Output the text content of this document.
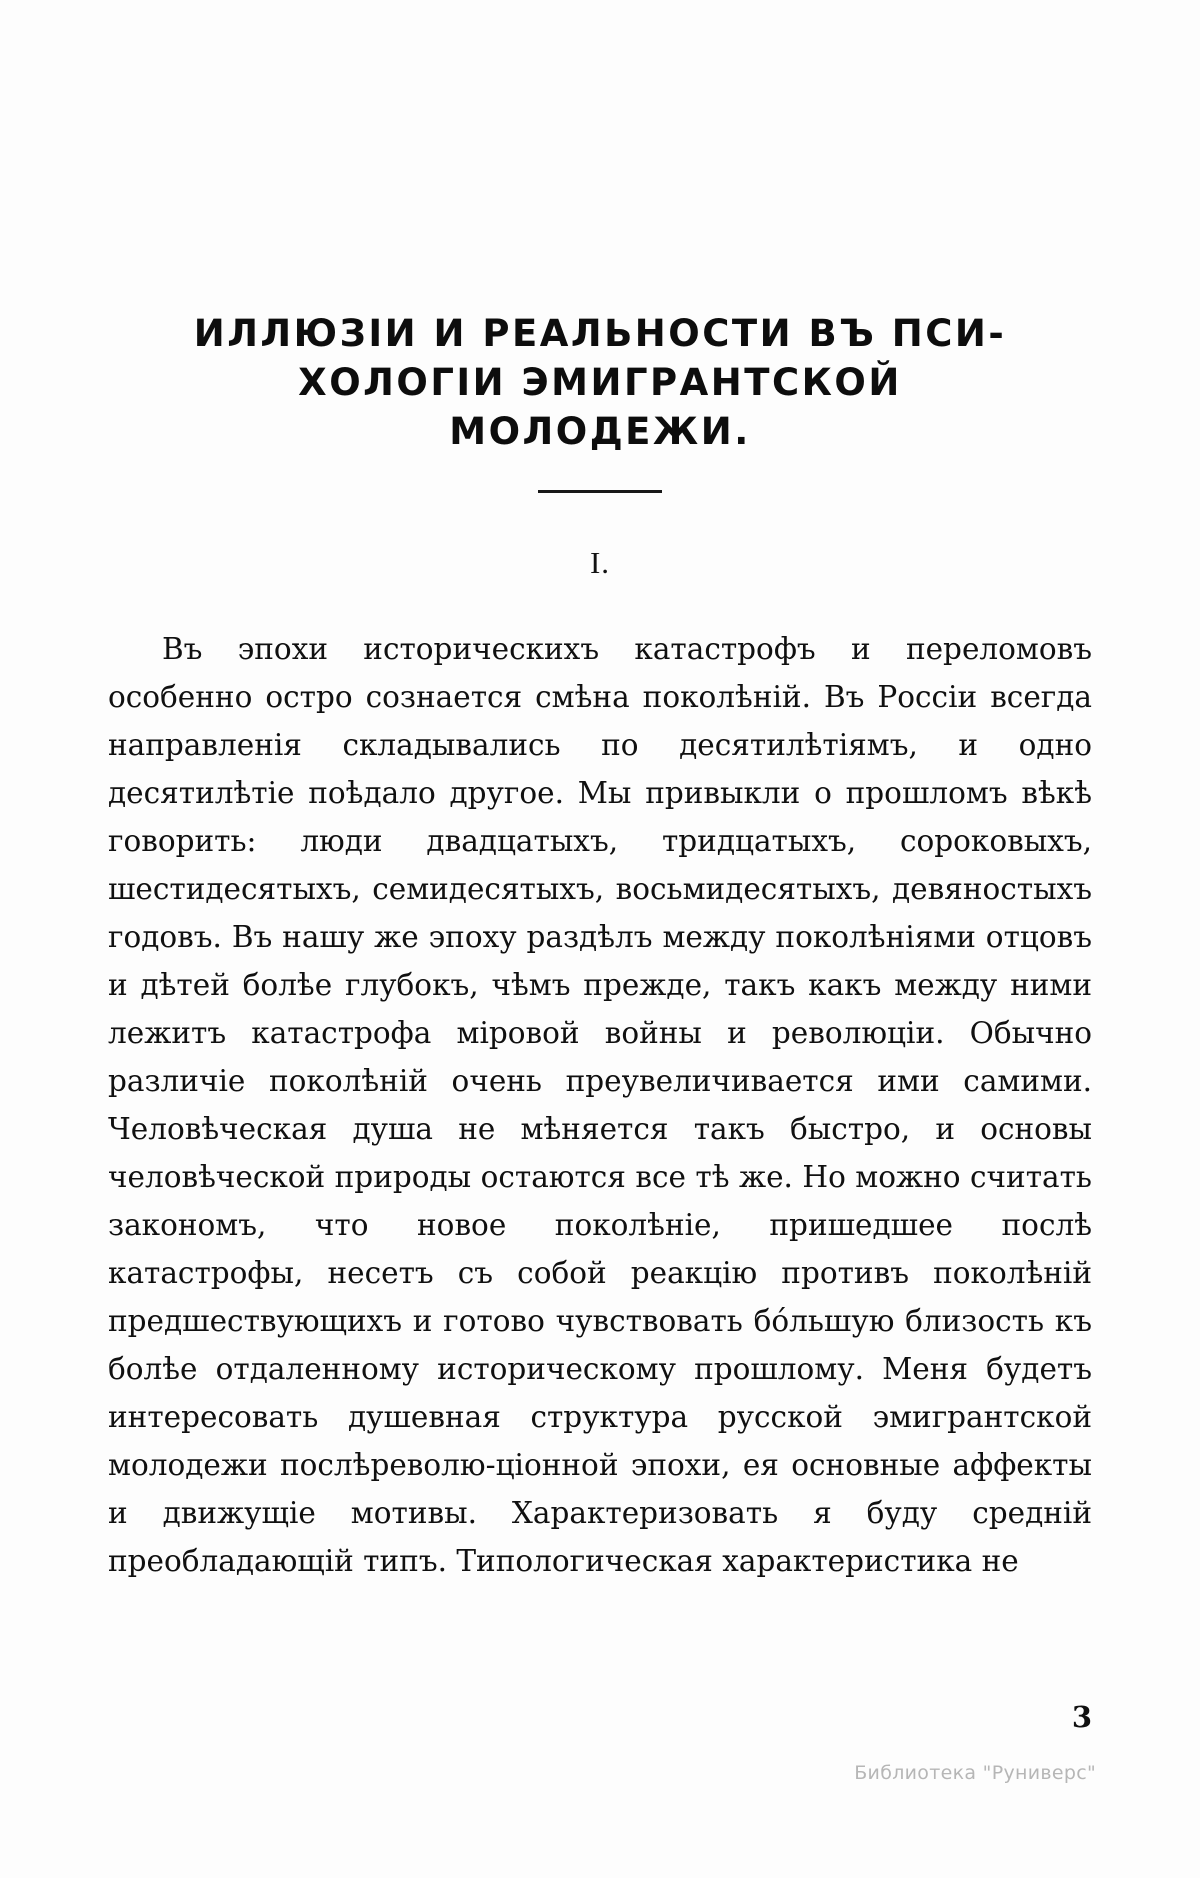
ИЛЛЮЗIИ И РЕАЛЬНОСТИ ВЪ ПСИ-
ХОЛОГІИ ЭМИГРАНТСКОЙ
МОЛОДЕЖИ.
I.

Въ эпохи историческихъ катастрофъ и переломовъ особенно остро сознается смѣна поколѣній. Въ Россіи всегда направленія складывались по десятилѣтіямъ, и одно десятилѣтіе поѣдало другое. Мы привыкли о прошломъ вѣкѣ говорить: люди двадцатыхъ, тридцатыхъ, сороковыхъ, шестидесятыхъ, семидесятыхъ, восьмидесятыхъ, девяностыхъ годовъ. Въ нашу же эпоху раздѣлъ между поколѣніями отцовъ и дѣтей болѣе глубокъ, чѣмъ прежде, такъ какъ между ними лежитъ катастрофа міровой войны и революціи. Обычно различіе поколѣній очень преувеличивается ими самими. Человѣческая душа не мѣняется такъ быстро, и основы человѣческой природы остаются все тѣ же. Но можно считать закономъ, что новое поколѣніе, пришедшее послѣ катастрофы, несетъ съ собой реакцію противъ поколѣній предшествующихъ и готово чувствовать бо́льшую близость къ болѣе отдаленному историческому прошлому. Меня будетъ интересовать душевная структура русской эмигрантской молодежи послѣреволю-ціонной эпохи, ея основные аффекты и движущіе мотивы. Характеризовать я буду средній преобладающій типъ. Типологическая характеристика не

3
Библиотека "Руниверс"
